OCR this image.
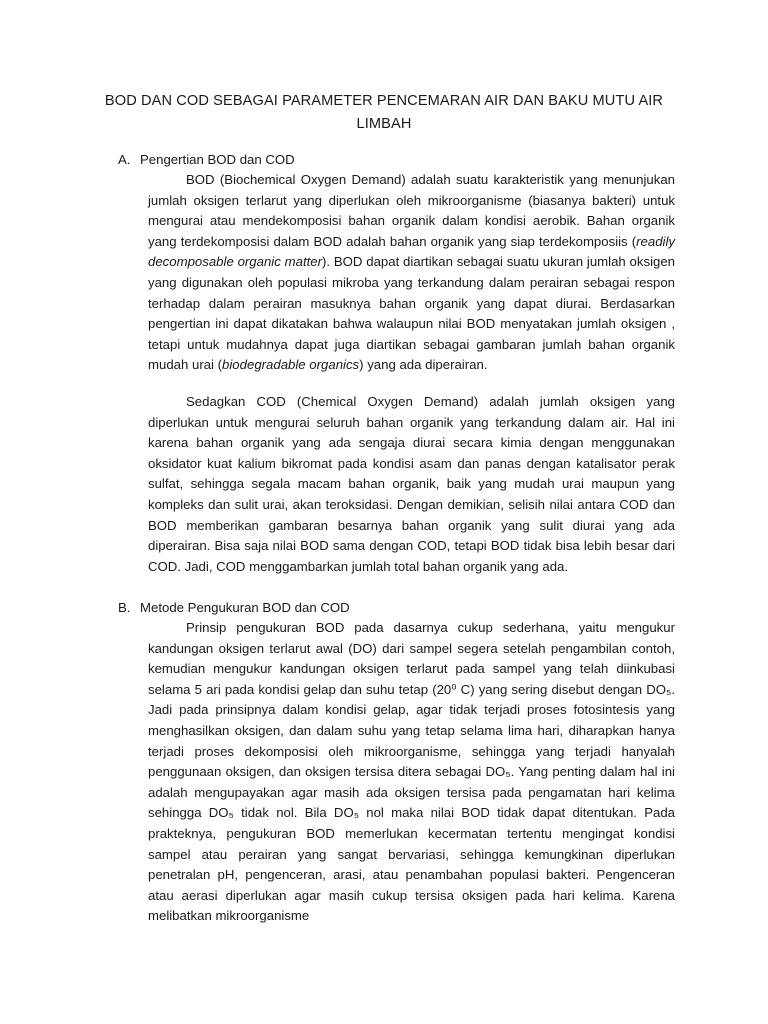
BOD DAN COD SEBAGAI PARAMETER PENCEMARAN AIR DAN BAKU MUTU AIR LIMBAH

A. Pengertian BOD dan COD

BOD (Biochemical Oxygen Demand) adalah suatu karakteristik yang menunjukan jumlah oksigen terlarut yang diperlukan oleh mikroorganisme (biasanya bakteri) untuk mengurai atau mendekomposisi bahan organik dalam kondisi aerobik. Bahan organik yang terdekomposisi dalam BOD adalah bahan organik yang siap terdekomposiis (readily decomposable organic matter). BOD dapat diartikan sebagai suatu ukuran jumlah oksigen yang digunakan oleh populasi mikroba yang terkandung dalam perairan sebagai respon terhadap dalam perairan masuknya bahan organik yang dapat diurai. Berdasarkan pengertian ini dapat dikatakan bahwa walaupun nilai BOD menyatakan jumlah oksigen , tetapi untuk mudahnya dapat juga diartikan sebagai gambaran jumlah bahan organik mudah urai (biodegradable organics) yang ada diperairan.

Sedagkan COD (Chemical Oxygen Demand) adalah jumlah oksigen yang diperlukan untuk mengurai seluruh bahan organik yang terkandung dalam air. Hal ini karena bahan organik yang ada sengaja diurai secara kimia dengan menggunakan oksidator kuat kalium bikromat pada kondisi asam dan panas dengan katalisator perak sulfat, sehingga segala macam bahan organik, baik yang mudah urai maupun yang kompleks dan sulit urai, akan teroksidasi. Dengan demikian, selisih nilai antara COD dan BOD memberikan gambaran besarnya bahan organik yang sulit diurai yang ada diperairan. Bisa saja nilai BOD sama dengan COD, tetapi BOD tidak bisa lebih besar dari COD. Jadi, COD menggambarkan jumlah total bahan organik yang ada.

B. Metode Pengukuran BOD dan COD

Prinsip pengukuran BOD pada dasarnya cukup sederhana, yaitu mengukur kandungan oksigen terlarut awal (DO) dari sampel segera setelah pengambilan contoh, kemudian mengukur kandungan oksigen terlarut pada sampel yang telah diinkubasi selama 5 ari pada kondisi gelap dan suhu tetap (20⁰ C) yang sering disebut dengan DO₅. Jadi pada prinsipnya dalam kondisi gelap, agar tidak terjadi proses fotosintesis yang menghasilkan oksigen, dan dalam suhu yang tetap selama lima hari, diharapkan hanya terjadi proses dekomposisi oleh mikroorganisme, sehingga yang terjadi hanyalah penggunaan oksigen, dan oksigen tersisa ditera sebagai DO₅. Yang penting dalam hal ini adalah mengupayakan agar masih ada oksigen tersisa pada pengamatan hari kelima sehingga DO₅ tidak nol. Bila DO₅ nol maka nilai BOD tidak dapat ditentukan. Pada prakteknya, pengukuran BOD memerlukan kecermatan tertentu mengingat kondisi sampel atau perairan yang sangat bervariasi, sehingga kemungkinan diperlukan penetralan pH, pengenceran, arasi, atau penambahan populasi bakteri. Pengenceran atau aerasi diperlukan agar masih cukup tersisa oksigen pada hari kelima. Karena melibatkan mikroorganisme
